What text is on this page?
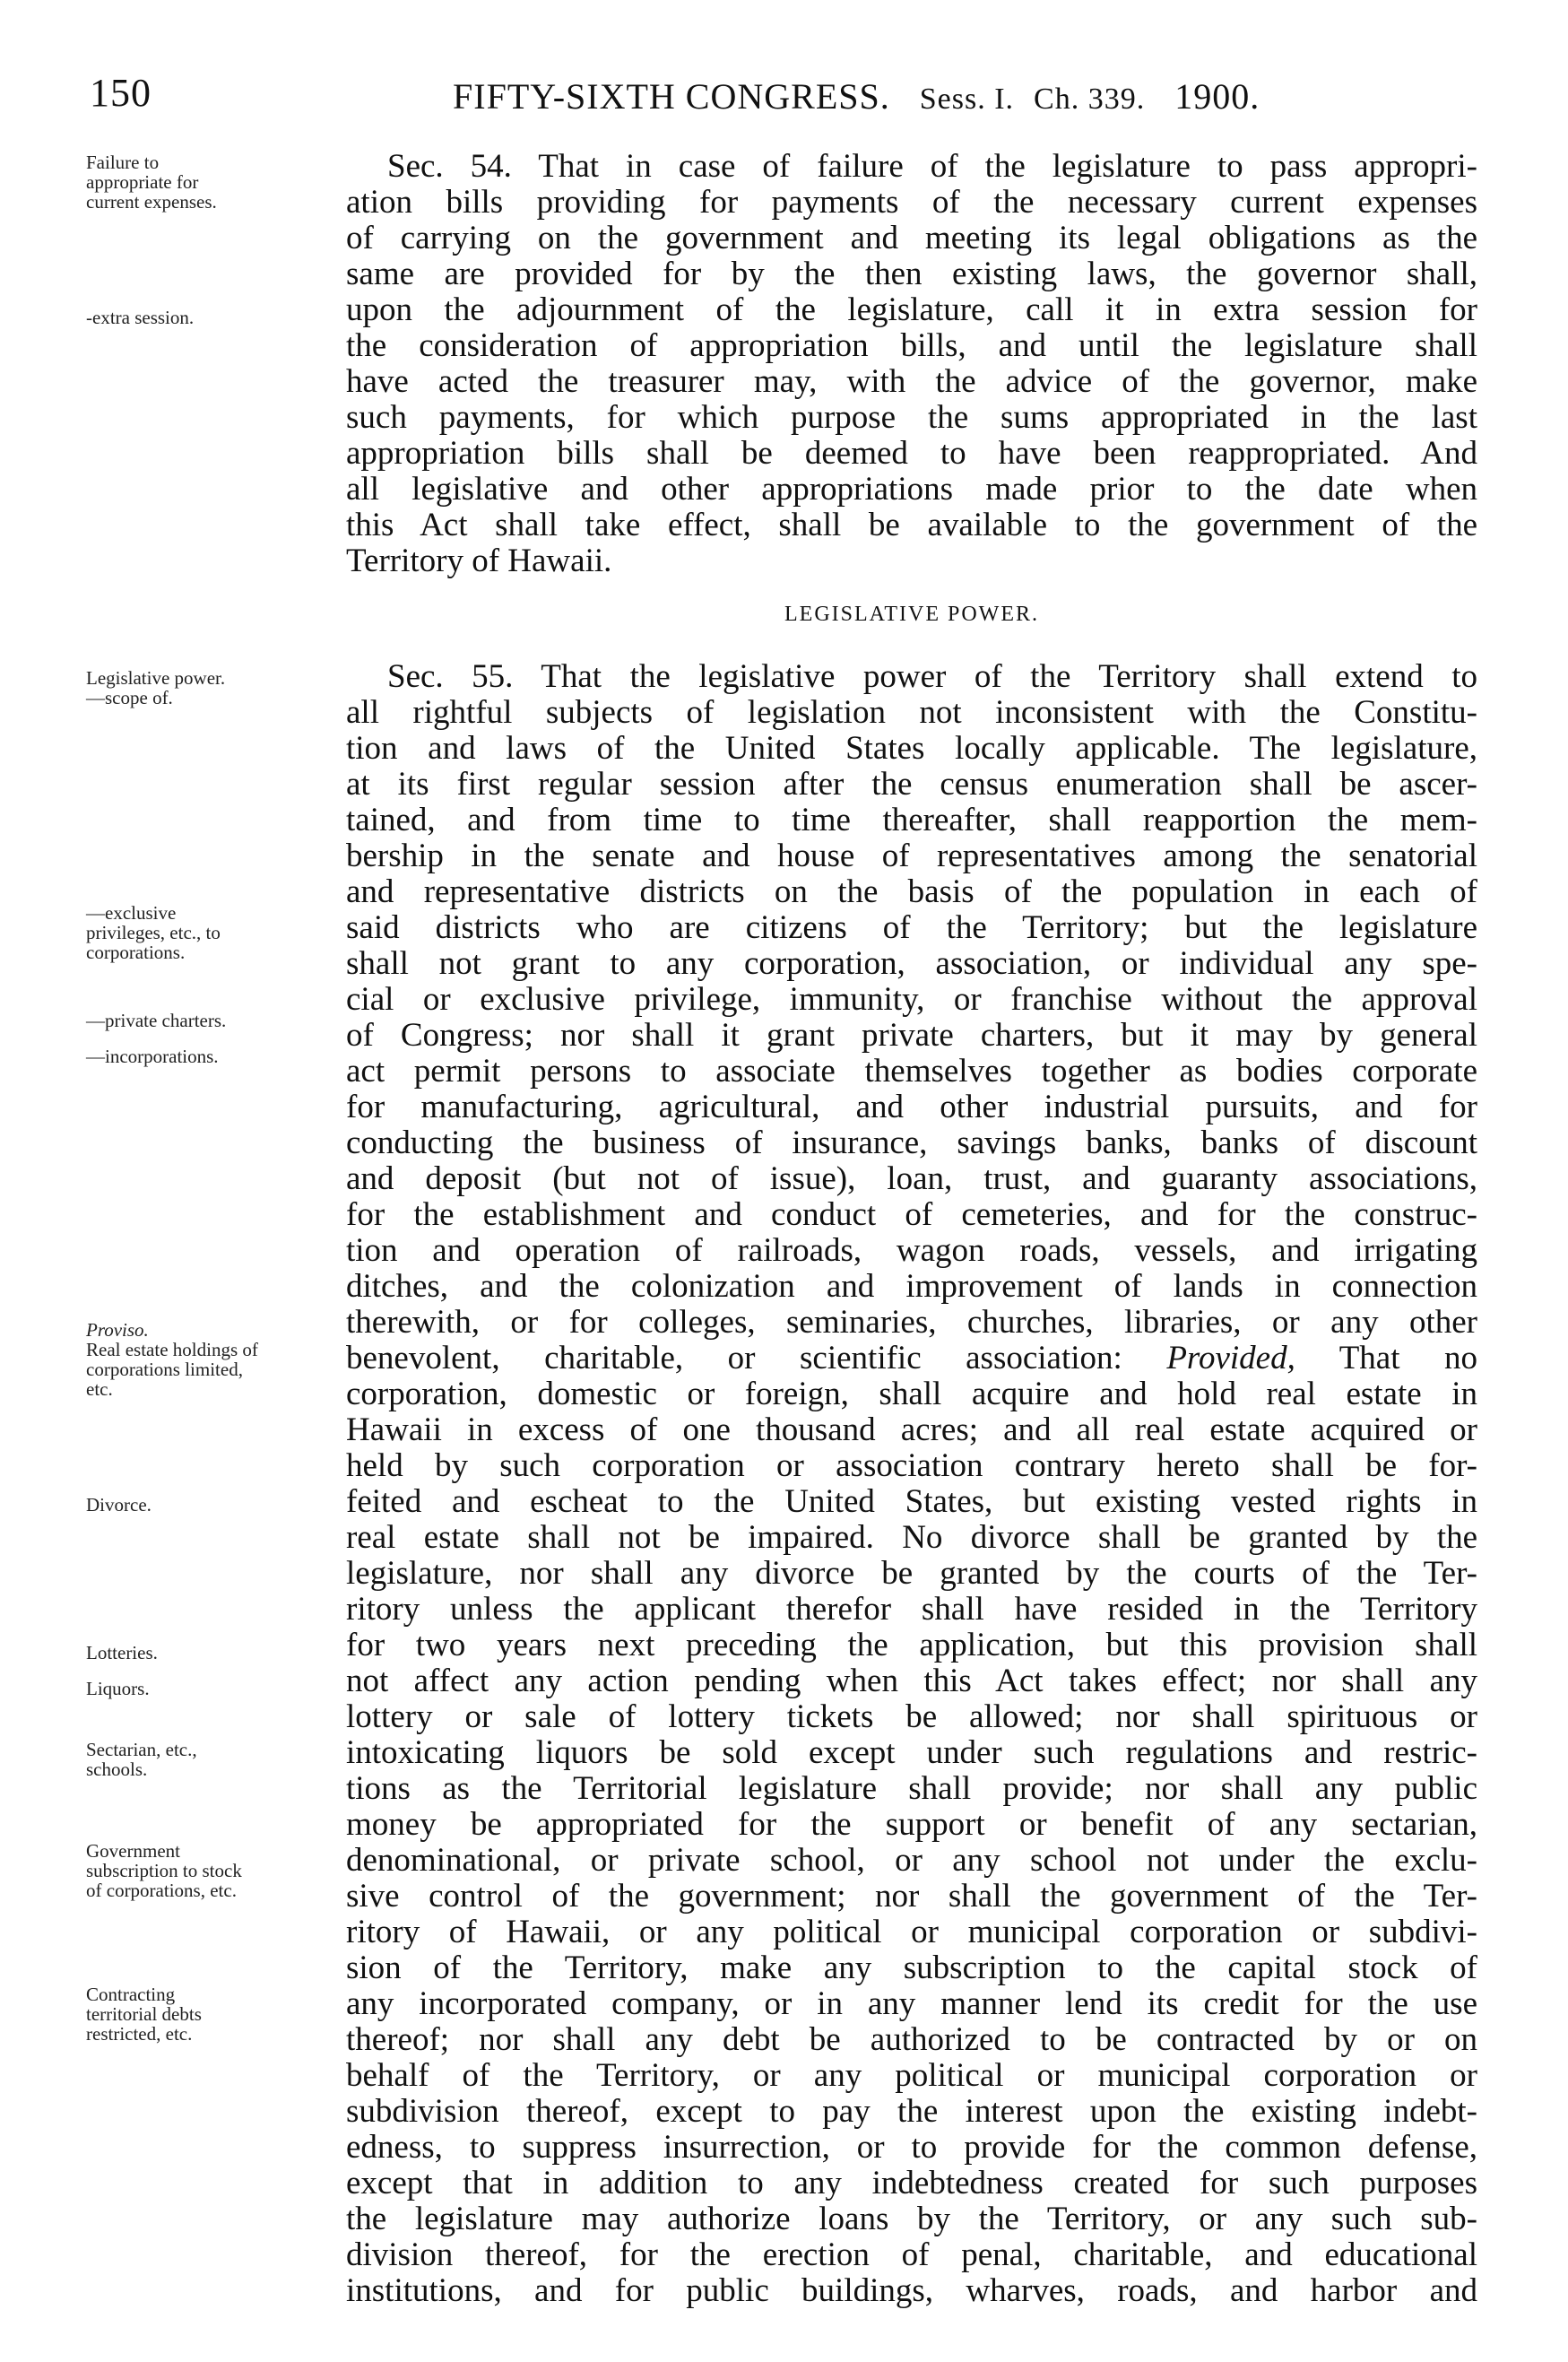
150	FIFTY-SIXTH CONGRESS. Sess. I. Ch. 339. 1900.
Failure to appropriate for current expenses.
-extra session.
Legislative power.
—scope of.
—exclusive privileges, etc., to corporations.
—private charters.
—incorporations.
Proviso.
Real estate holdings of corporations limited, etc.
Divorce.
Lotteries.
Liquors.
Sectarian, etc., schools.
Government subscription to stock of corporations, etc.
Contracting territorial debts restricted, etc.
Sec. 54. That in case of failure of the legislature to pass appropri-
ation bills providing for payments of the necessary current expenses
of carrying on the government and meeting its legal obligations as the
same are provided for by the then existing laws, the governor shall,
upon the adjournment of the legislature, call it in extra session for
the consideration of appropriation bills, and until the legislature shall
have acted the treasurer may, with the advice of the governor, make
such payments, for which purpose the sums appropriated in the last
appropriation bills shall be deemed to have been reappropriated. And
all legislative and other appropriations made prior to the date when
this Act shall take effect, shall be available to the government of the
Territory of Hawaii.
LEGISLATIVE POWER.
Sec. 55. That the legislative power of the Territory shall extend to
all rightful subjects of legislation not inconsistent with the Constitu-
tion and laws of the United States locally applicable. The legislature,
at its first regular session after the census enumeration shall be ascer-
tained, and from time to time thereafter, shall reapportion the mem-
bership in the senate and house of representatives among the senatorial
and representative districts on the basis of the population in each of
said districts who are citizens of the Territory; but the legislature
shall not grant to any corporation, association, or individual any spe-
cial or exclusive privilege, immunity, or franchise without the approval
of Congress; nor shall it grant private charters, but it may by general
act permit persons to associate themselves together as bodies corporate
for manufacturing, agricultural, and other industrial pursuits, and for
conducting the business of insurance, savings banks, banks of discount
and deposit (but not of issue), loan, trust, and guaranty associations,
for the establishment and conduct of cemeteries, and for the construc-
tion and operation of railroads, wagon roads, vessels, and irrigating
ditches, and the colonization and improvement of lands in connection
therewith, or for colleges, seminaries, churches, libraries, or any other
benevolent, charitable, or scientific association: Provided, That no
corporation, domestic or foreign, shall acquire and hold real estate in
Hawaii in excess of one thousand acres; and all real estate acquired or
held by such corporation or association contrary hereto shall be for-
feited and escheat to the United States, but existing vested rights in
real estate shall not be impaired. No divorce shall be granted by the
legislature, nor shall any divorce be granted by the courts of the Ter-
ritory unless the applicant therefor shall have resided in the Territory
for two years next preceding the application, but this provision shall
not affect any action pending when this Act takes effect; nor shall any
lottery or sale of lottery tickets be allowed; nor shall spirituous or
intoxicating liquors be sold except under such regulations and restric-
tions as the Territorial legislature shall provide; nor shall any public
money be appropriated for the support or benefit of any sectarian,
denominational, or private school, or any school not under the exclu-
sive control of the government; nor shall the government of the Ter-
ritory of Hawaii, or any political or municipal corporation or subdivi-
sion of the Territory, make any subscription to the capital stock of
any incorporated company, or in any manner lend its credit for the use
thereof; nor shall any debt be authorized to be contracted by or on
behalf of the Territory, or any political or municipal corporation or
subdivision thereof, except to pay the interest upon the existing indebt-
edness, to suppress insurrection, or to provide for the common defense,
except that in addition to any indebtedness created for such purposes
the legislature may authorize loans by the Territory, or any such sub-
division thereof, for the erection of penal, charitable, and educational
institutions, and for public buildings, wharves, roads, and harbor and
